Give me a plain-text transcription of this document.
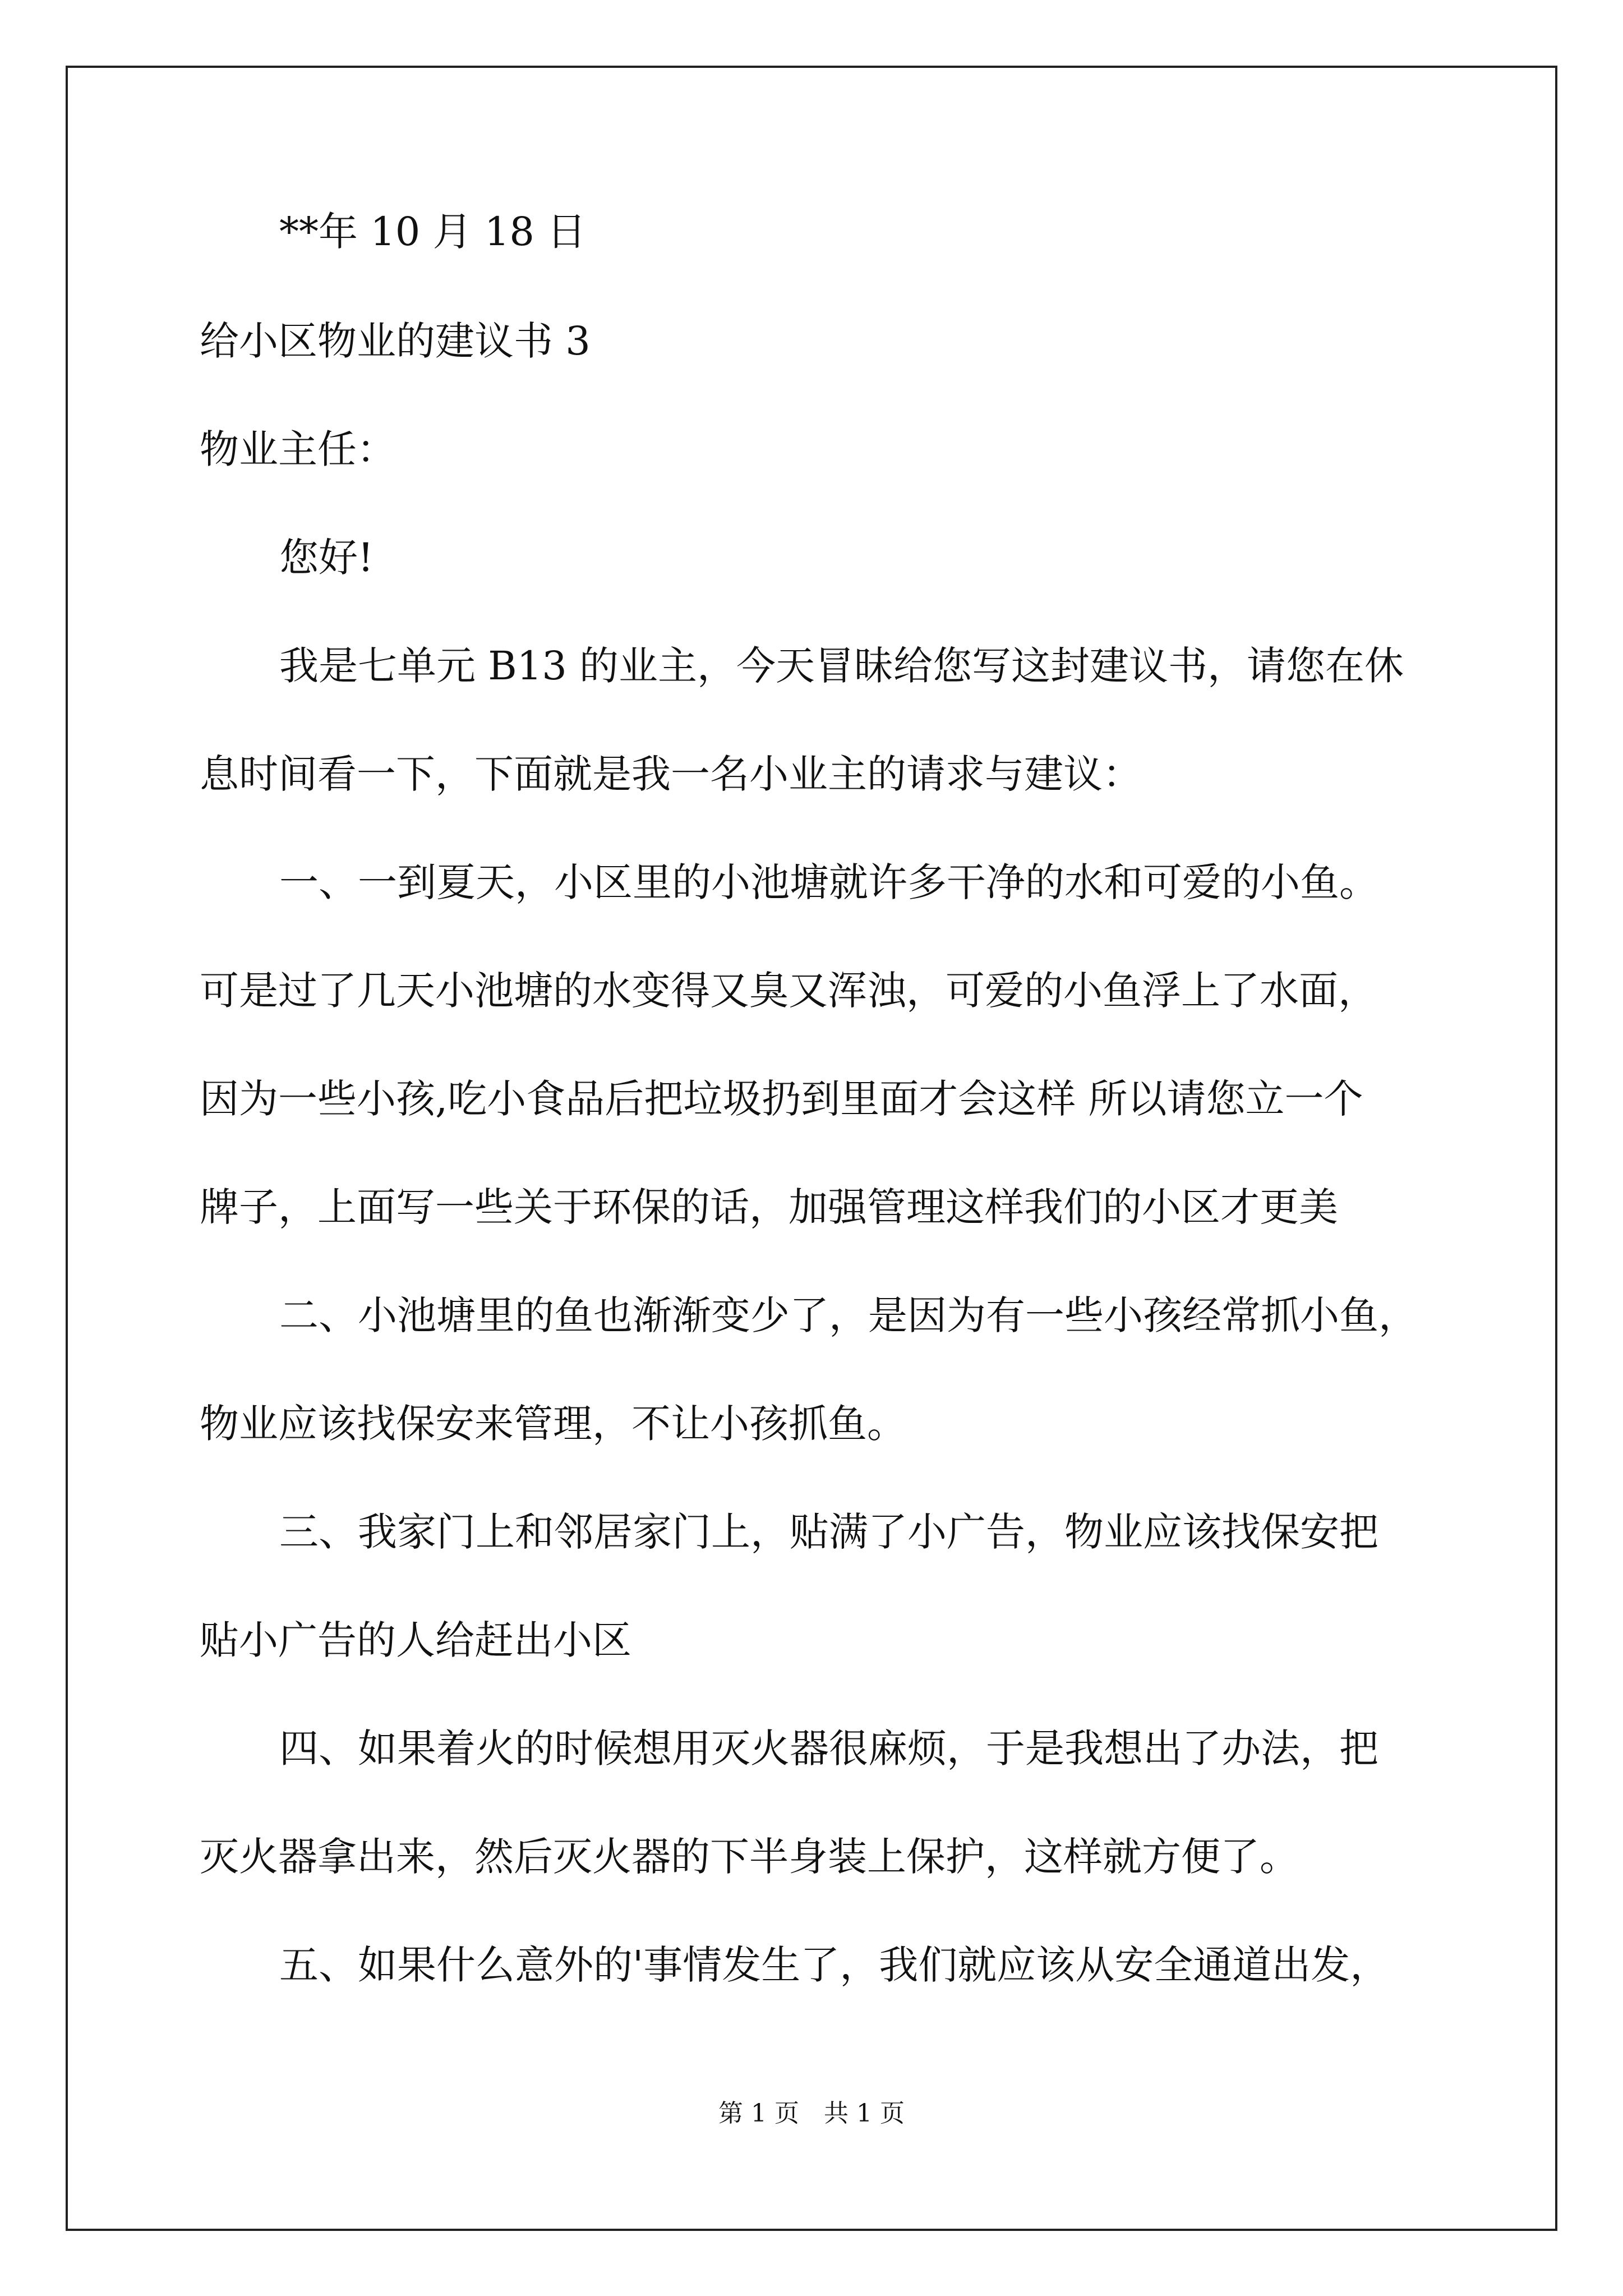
**年 10 月 18 日

给小区物业的建议书 3

物业主任：

您好!

我是七单元 B13 的业主，今天冒昧给您写这封建议书，请您在休

息时间看一下，下面就是我一名小业主的请求与建议：

一、一到夏天，小区里的小池塘就许多干净的水和可爱的小鱼。

可是过了几天小池塘的水变得又臭又浑浊，可爱的小鱼浮上了水面，

因为一些小孩,吃小食品后把垃圾扔到里面才会这样 所以请您立一个

牌子，上面写一些关于环保的话，加强管理这样我们的小区才更美

二、小池塘里的鱼也渐渐变少了，是因为有一些小孩经常抓小鱼，

物业应该找保安来管理，不让小孩抓鱼。

三、我家门上和邻居家门上，贴满了小广告，物业应该找保安把

贴小广告的人给赶出小区

四、如果着火的时候想用灭火器很麻烦，于是我想出了办法，把

灭火器拿出来，然后灭火器的下半身装上保护，这样就方便了。

五、如果什么意外的'事情发生了，我们就应该从安全通道出发，

第 1 页　共 1 页
